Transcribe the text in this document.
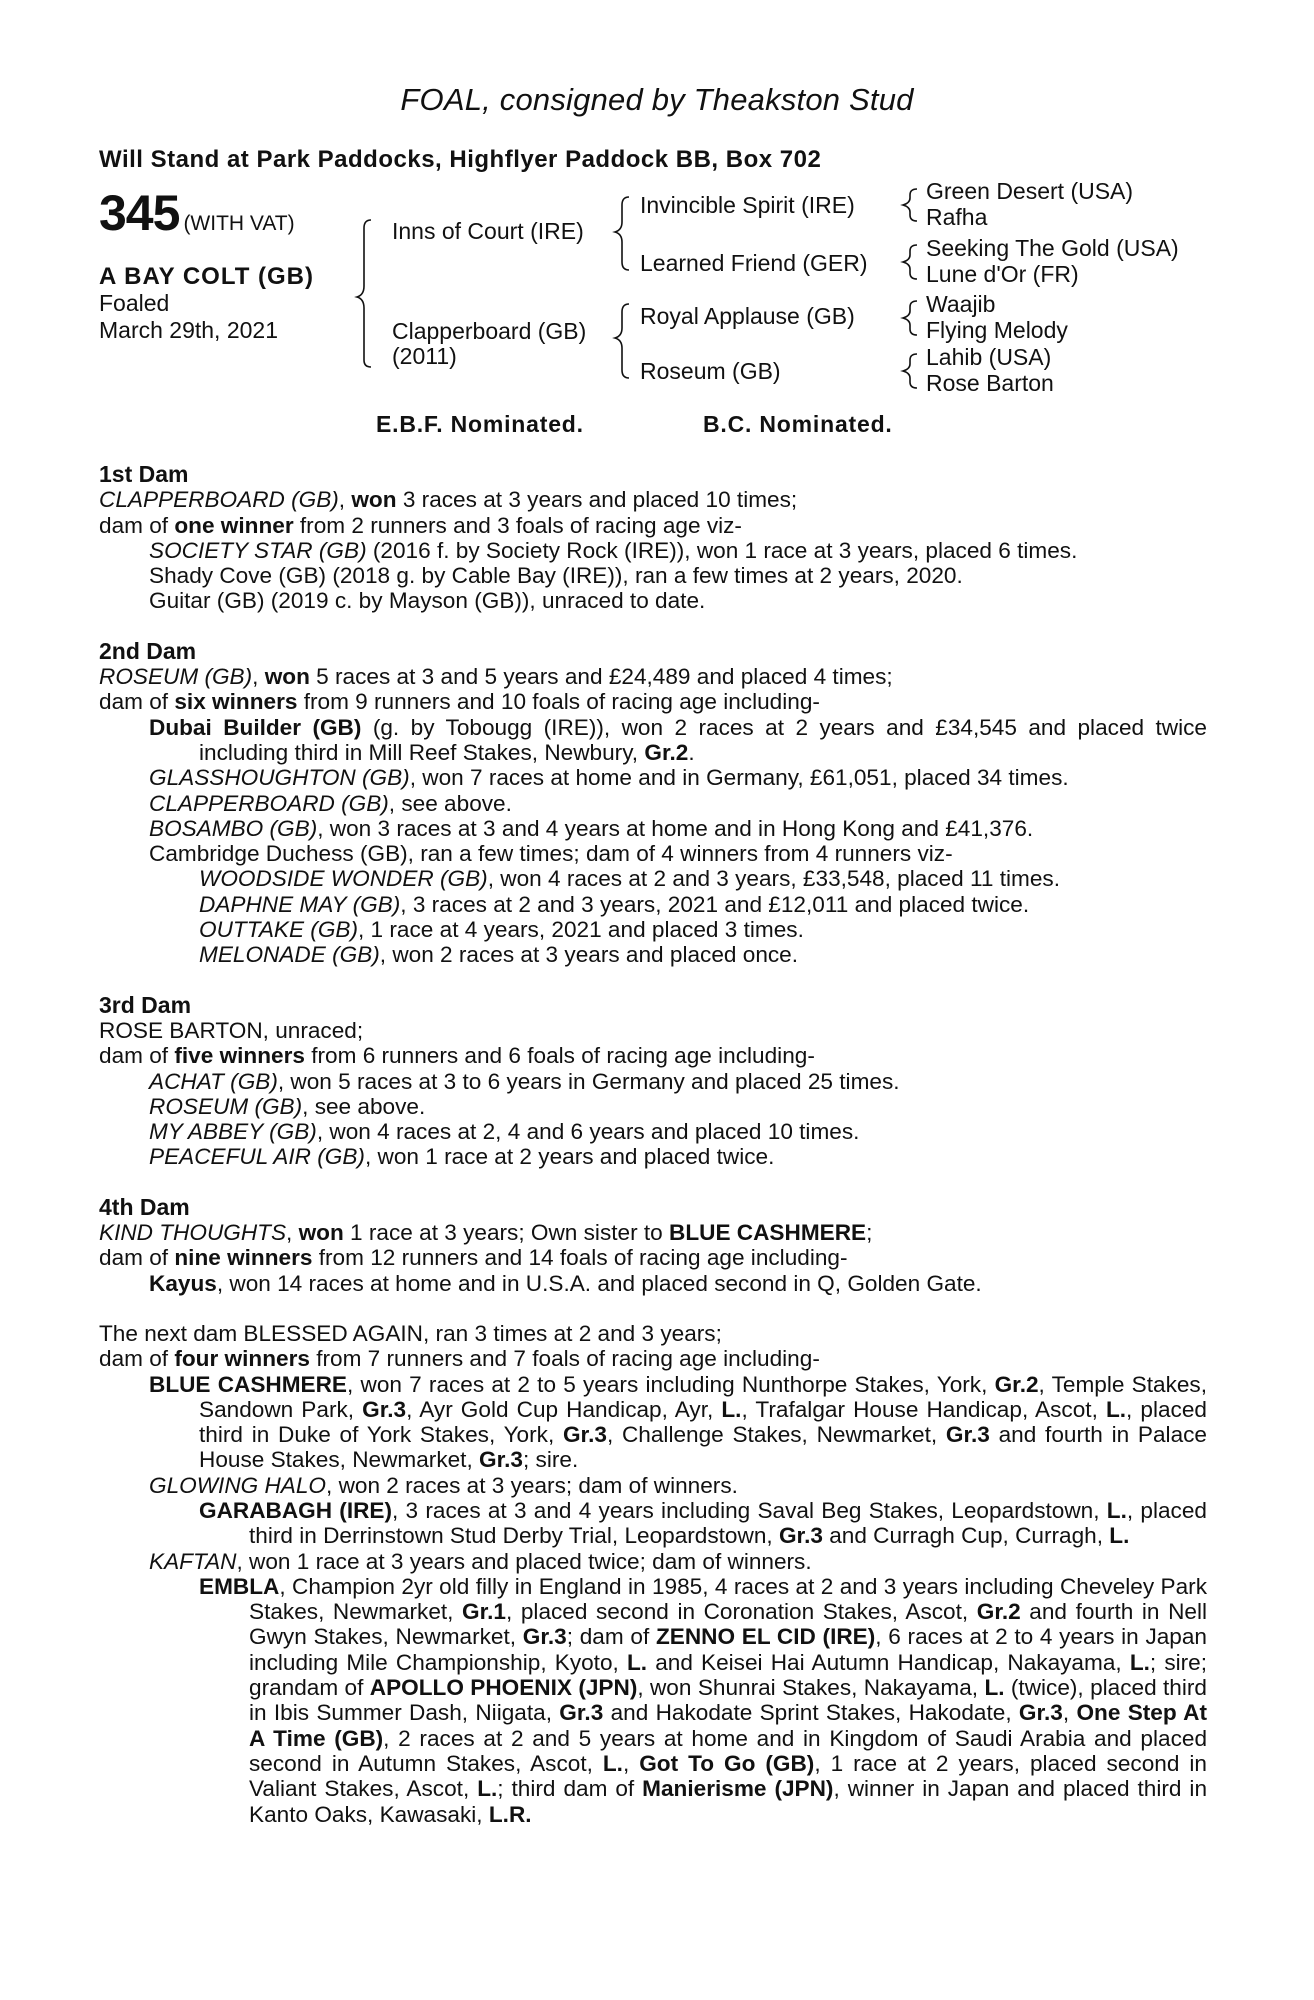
FOAL, consigned by Theakston Stud
Will Stand at Park Paddocks, Highflyer Paddock BB, Box 702
345 (WITH VAT)
A BAY COLT (GB)
Foaled
March 29th, 2021
Inns of Court (IRE)
Clapperboard (GB)
(2011)
Invincible Spirit (IRE)
Learned Friend (GER)
Royal Applause (GB)
Roseum (GB)
Green Desert (USA)
Rafha
Seeking The Gold (USA)
Lune d'Or (FR)
Waajib
Flying Melody
Lahib (USA)
Rose Barton
E.B.F. Nominated.	B.C. Nominated.
1st Dam
CLAPPERBOARD (GB), won 3 races at 3 years and placed 10 times;
dam of one winner from 2 runners and 3 foals of racing age viz-
SOCIETY STAR (GB) (2016 f. by Society Rock (IRE)), won 1 race at 3 years, placed 6 times.
Shady Cove (GB) (2018 g. by Cable Bay (IRE)), ran a few times at 2 years, 2020.
Guitar (GB) (2019 c. by Mayson (GB)), unraced to date.
2nd Dam
ROSEUM (GB), won 5 races at 3 and 5 years and £24,489 and placed 4 times;
dam of six winners from 9 runners and 10 foals of racing age including-
Dubai Builder (GB) (g. by Tobougg (IRE)), won 2 races at 2 years and £34,545 and placed twice including third in Mill Reef Stakes, Newbury, Gr.2.
GLASSHOUGHTON (GB), won 7 races at home and in Germany, £61,051, placed 34 times.
CLAPPERBOARD (GB), see above.
BOSAMBO (GB), won 3 races at 3 and 4 years at home and in Hong Kong and £41,376.
Cambridge Duchess (GB), ran a few times; dam of 4 winners from 4 runners viz-
WOODSIDE WONDER (GB), won 4 races at 2 and 3 years, £33,548, placed 11 times.
DAPHNE MAY (GB), 3 races at 2 and 3 years, 2021 and £12,011 and placed twice.
OUTTAKE (GB), 1 race at 4 years, 2021 and placed 3 times.
MELONADE (GB), won 2 races at 3 years and placed once.
3rd Dam
ROSE BARTON, unraced;
dam of five winners from 6 runners and 6 foals of racing age including-
ACHAT (GB), won 5 races at 3 to 6 years in Germany and placed 25 times.
ROSEUM (GB), see above.
MY ABBEY (GB), won 4 races at 2, 4 and 6 years and placed 10 times.
PEACEFUL AIR (GB), won 1 race at 2 years and placed twice.
4th Dam
KIND THOUGHTS, won 1 race at 3 years; Own sister to BLUE CASHMERE;
dam of nine winners from 12 runners and 14 foals of racing age including-
Kayus, won 14 races at home and in U.S.A. and placed second in Q, Golden Gate.
The next dam BLESSED AGAIN, ran 3 times at 2 and 3 years;
dam of four winners from 7 runners and 7 foals of racing age including-
BLUE CASHMERE, won 7 races at 2 to 5 years including Nunthorpe Stakes, York, Gr.2, Temple Stakes, Sandown Park, Gr.3, Ayr Gold Cup Handicap, Ayr, L., Trafalgar House Handicap, Ascot, L., placed third in Duke of York Stakes, York, Gr.3, Challenge Stakes, Newmarket, Gr.3 and fourth in Palace House Stakes, Newmarket, Gr.3; sire.
GLOWING HALO, won 2 races at 3 years; dam of winners.
GARABAGH (IRE), 3 races at 3 and 4 years including Saval Beg Stakes, Leopardstown, L., placed third in Derrinstown Stud Derby Trial, Leopardstown, Gr.3 and Curragh Cup, Curragh, L.
KAFTAN, won 1 race at 3 years and placed twice; dam of winners.
EMBLA, Champion 2yr old filly in England in 1985, 4 races at 2 and 3 years including Cheveley Park Stakes, Newmarket, Gr.1, placed second in Coronation Stakes, Ascot, Gr.2 and fourth in Nell Gwyn Stakes, Newmarket, Gr.3; dam of ZENNO EL CID (IRE), 6 races at 2 to 4 years in Japan including Mile Championship, Kyoto, L. and Keisei Hai Autumn Handicap, Nakayama, L.; sire; grandam of APOLLO PHOENIX (JPN), won Shunrai Stakes, Nakayama, L. (twice), placed third in Ibis Summer Dash, Niigata, Gr.3 and Hakodate Sprint Stakes, Hakodate, Gr.3, One Step At A Time (GB), 2 races at 2 and 5 years at home and in Kingdom of Saudi Arabia and placed second in Autumn Stakes, Ascot, L., Got To Go (GB), 1 race at 2 years, placed second in Valiant Stakes, Ascot, L.; third dam of Manierisme (JPN), winner in Japan and placed third in Kanto Oaks, Kawasaki, L.R.
